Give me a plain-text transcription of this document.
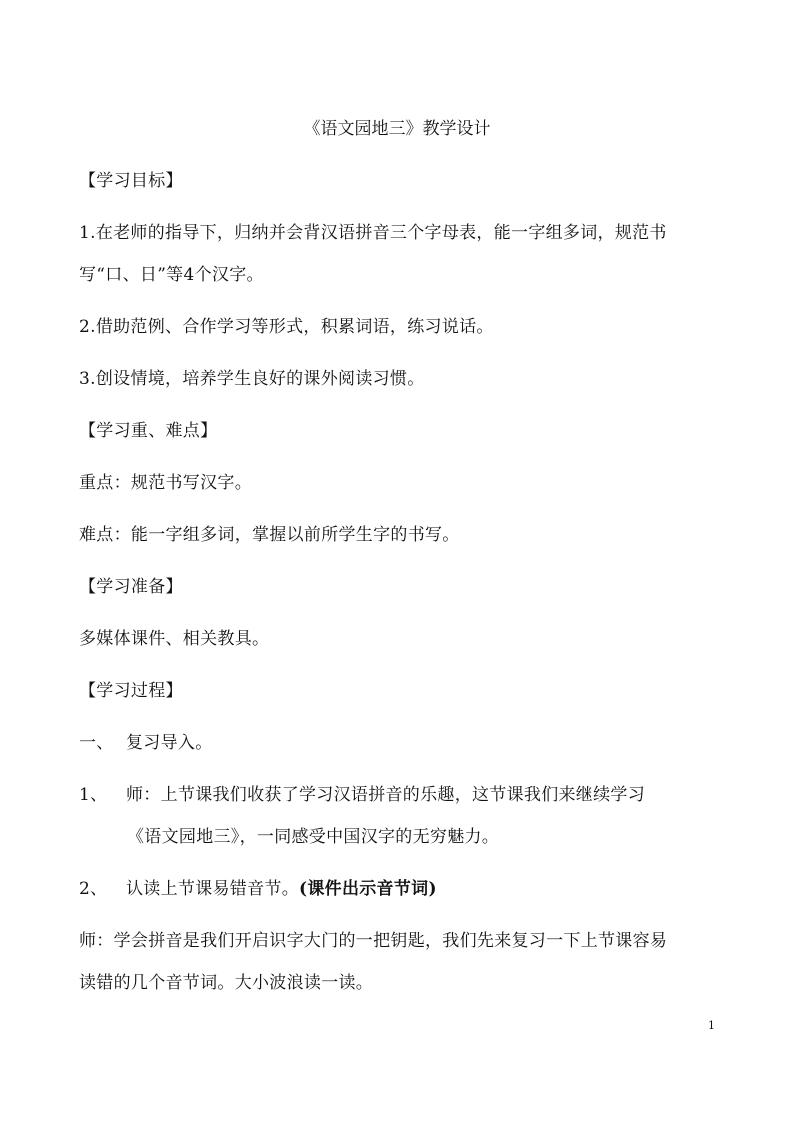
《语文园地三》教学设计
【学习目标】
1.在老师的指导下，归纳并会背汉语拼音三个字母表，能一字组多词，规范书
写“口、日”等4个汉字。
2.借助范例、合作学习等形式，积累词语，练习说话。
3.创设情境，培养学生良好的课外阅读习惯。
【学习重、难点】
重点：规范书写汉字。
难点：能一字组多词，掌握以前所学生字的书写。
【学习准备】
多媒体课件、相关教具。
【学习过程】
一、 复习导入。
1、 师：上节课我们收获了学习汉语拼音的乐趣，这节课我们来继续学习
《语文园地三》，一同感受中国汉字的无穷魅力。
2、 认读上节课易错音节。(课件出示音节词)
师：学会拼音是我们开启识字大门的一把钥匙，我们先来复习一下上节课容易
读错的几个音节词。大小波浪读一读。
1
